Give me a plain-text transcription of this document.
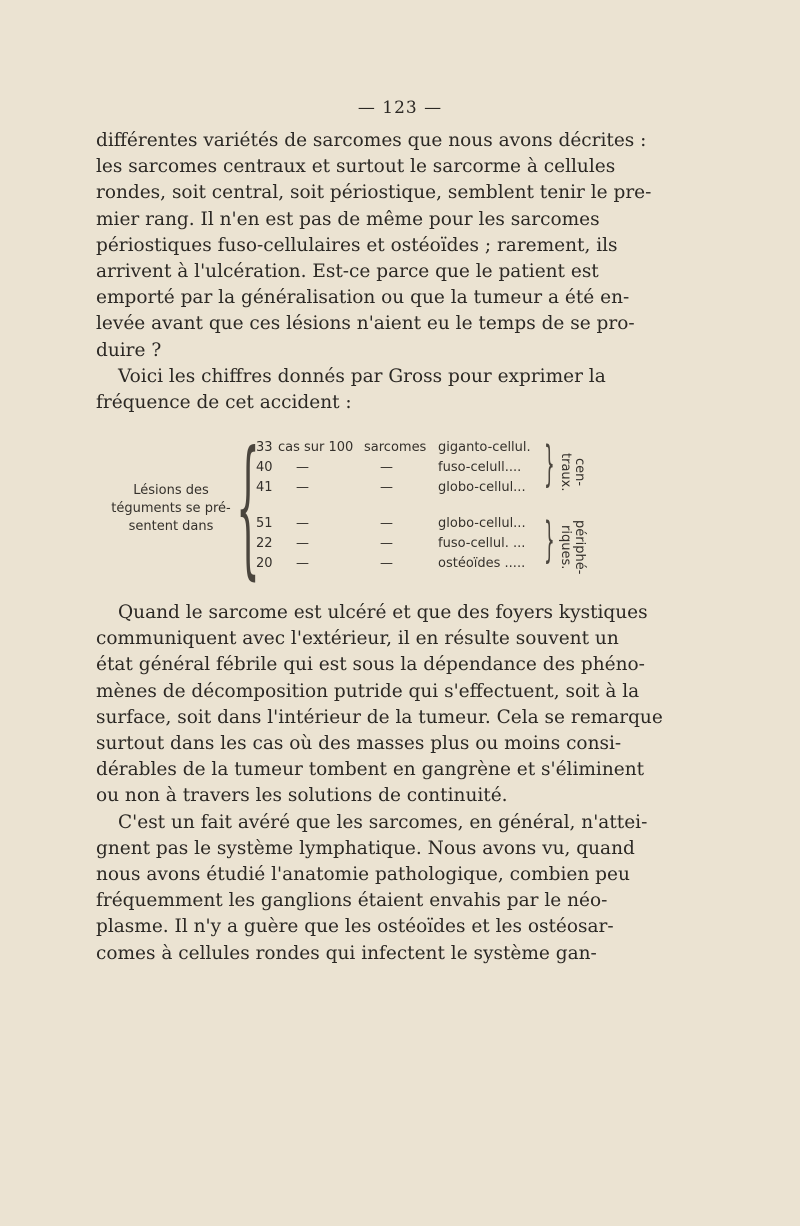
— 123 —
différentes variétés de sarcomes que nous avons décrites :
les sarcomes centraux et surtout le sarcorme à cellules
rondes, soit central, soit périostique, semblent tenir le pre-
mier rang. Il n'en est pas de même pour les sarcomes
périostiques fuso-cellulaires et ostéoïdes ; rarement, ils
arrivent à l'ulcération. Est-ce parce que le patient est
emporté par la généralisation ou que la tumeur a été en-
levée avant que ces lésions n'aient eu le temps de se pro-
duire ?
Voici les chiffres donnés par Gross pour exprimer la
fréquence de cet accident :
Lésions des
téguments se pré-
sentent dans {
33 cas sur 100 sarcomes giganto-cellul.
40 —	—	fuso-celull....
41 —	—	globo-cellul...
51 —	—	globo-cellul...
22 —	—	fuso-cellul. ...
20 —	—	ostéoïdes .....
}	cen- traux.
}	périphé- riques.
Quand le sarcome est ulcéré et que des foyers kystiques
communiquent avec l'extérieur, il en résulte souvent un
état général fébrile qui est sous la dépendance des phéno-
mènes de décomposition putride qui s'effectuent, soit à la
surface, soit dans l'intérieur de la tumeur. Cela se remarque
surtout dans les cas où des masses plus ou moins consi-
dérables de la tumeur tombent en gangrène et s'éliminent
ou non à travers les solutions de continuité.
C'est un fait avéré que les sarcomes, en général, n'attei-
gnent pas le système lymphatique. Nous avons vu, quand
nous avons étudié l'anatomie pathologique, combien peu
fréquemment les ganglions étaient envahis par le néo-
plasme. Il n'y a guère que les ostéoïdes et les ostéosar-
comes à cellules rondes qui infectent le système gan-
